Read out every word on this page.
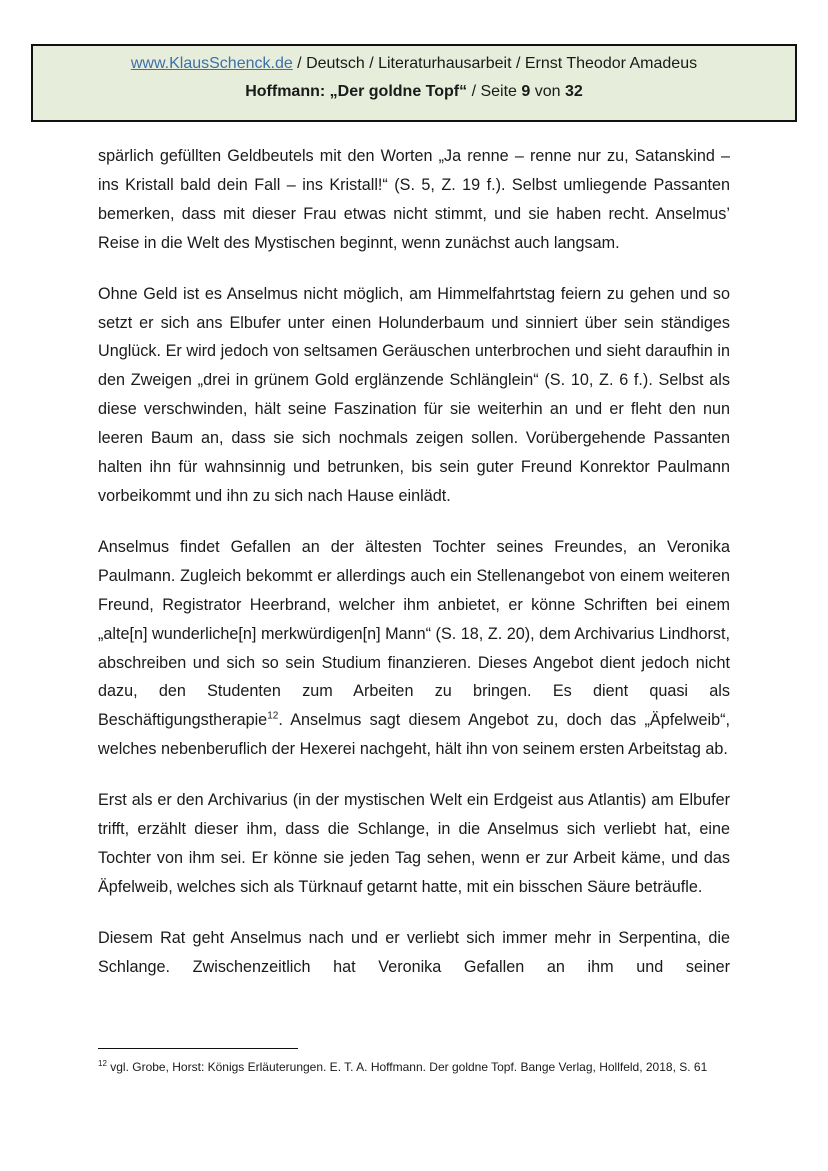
www.KlausSchenck.de / Deutsch / Literaturhausarbeit / Ernst Theodor Amadeus
Hoffmann: „Der goldne Topf“ / Seite 9 von 32

spärlich gefüllten Geldbeutels mit den Worten „Ja renne – renne nur zu, Satanskind – ins Kristall bald dein Fall – ins Kristall!“ (S. 5, Z. 19 f.). Selbst umliegende Passanten bemerken, dass mit dieser Frau etwas nicht stimmt, und sie haben recht. Anselmus’ Reise in die Welt des Mystischen beginnt, wenn zunächst auch langsam.

Ohne Geld ist es Anselmus nicht möglich, am Himmelfahrtstag feiern zu gehen und so setzt er sich ans Elbufer unter einen Holunderbaum und sinniert über sein ständiges Unglück. Er wird jedoch von seltsamen Geräuschen unterbrochen und sieht daraufhin in den Zweigen „drei in grünem Gold erglänzende Schlänglein“ (S. 10, Z. 6 f.). Selbst als diese verschwinden, hält seine Faszination für sie weiterhin an und er fleht den nun leeren Baum an, dass sie sich nochmals zeigen sollen. Vorübergehende Passanten halten ihn für wahnsinnig und betrunken, bis sein guter Freund Konrektor Paulmann vorbeikommt und ihn zu sich nach Hause einlädt.

Anselmus findet Gefallen an der ältesten Tochter seines Freundes, an Veronika Paulmann. Zugleich bekommt er allerdings auch ein Stellenangebot von einem weiteren Freund, Registrator Heerbrand, welcher ihm anbietet, er könne Schriften bei einem „alte[n] wunderliche[n] merkwürdigen[n] Mann“ (S. 18, Z. 20), dem Archivarius Lindhorst, abschreiben und sich so sein Studium finanzieren. Dieses Angebot dient jedoch nicht dazu, den Studenten zum Arbeiten zu bringen. Es dient quasi als Beschäftigungstherapie$^{12}$. Anselmus sagt diesem Angebot zu, doch das „Äpfelweib“, welches nebenberuflich der Hexerei nachgeht, hält ihn von seinem ersten Arbeitstag ab.

Erst als er den Archivarius (in der mystischen Welt ein Erdgeist aus Atlantis) am Elbufer trifft, erzählt dieser ihm, dass die Schlange, in die Anselmus sich verliebt hat, eine Tochter von ihm sei. Er könne sie jeden Tag sehen, wenn er zur Arbeit käme, und das Äpfelweib, welches sich als Türknauf getarnt hatte, mit ein bisschen Säure beträufle.

Diesem Rat geht Anselmus nach und er verliebt sich immer mehr in Serpentina, die Schlange. Zwischenzeitlich hat Veronika Gefallen an ihm und seiner

$^{12}$ vgl. Grobe, Horst: Königs Erläuterungen. E. T. A. Hoffmann. Der goldne Topf. Bange Verlag, Hollfeld, 2018, S. 61
